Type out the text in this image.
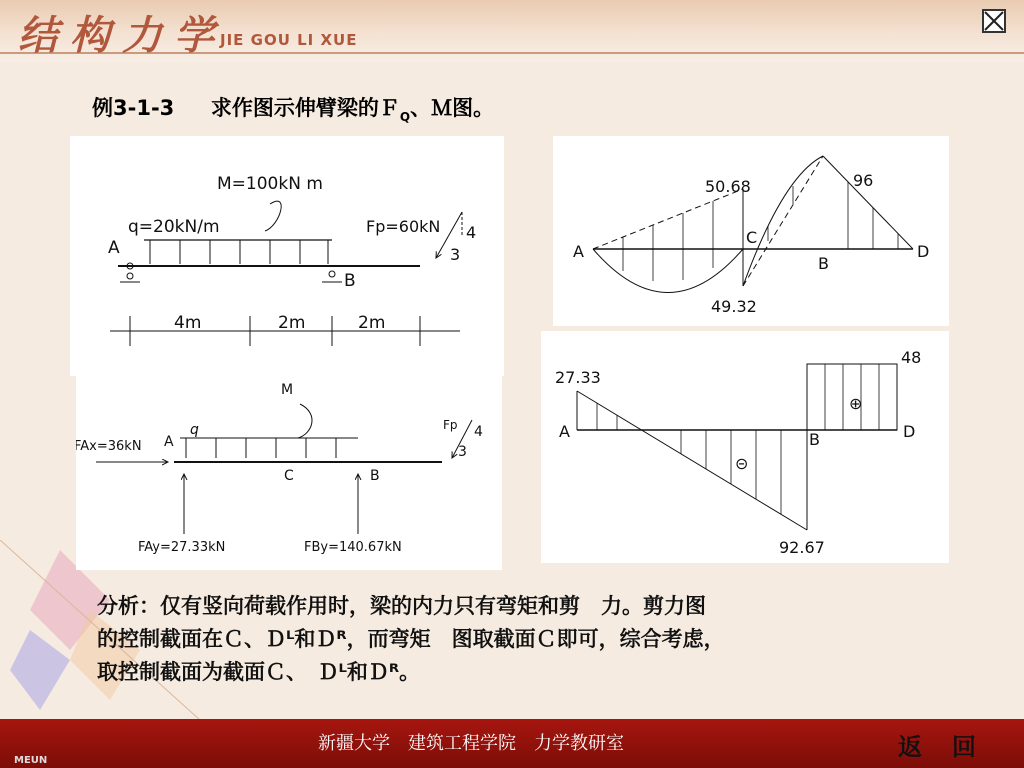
结构力学
JIE GOU LI XUE
例3-1-3 求作图示伸臂梁的Ｆ$_Q$、Ｍ图。
M=100kN m
q=20kN/m
A
B
Fp=60kN 4
3
4m	2m	2m
M
q
A
C	B
FAx=36kN
FAy=27.33kN	FBy=140.67kN
Fp 4
3
50.68	96
49.32
A
C
B
D
27.33
48
92.67
A	B	D
⊕
⊝
分析：仅有竖向荷载作用时，梁的内力只有弯矩和剪　力。剪力图
的控制截面在Ｃ、Ｄᴸ和Ｄᴿ，而弯矩　图取截面Ｃ即可，综合考虑，
取控制截面为截面Ｃ、　Ｄᴸ和Ｄᴿ。
新疆大学　建筑工程学院　力学教研室	返回
MEUN
